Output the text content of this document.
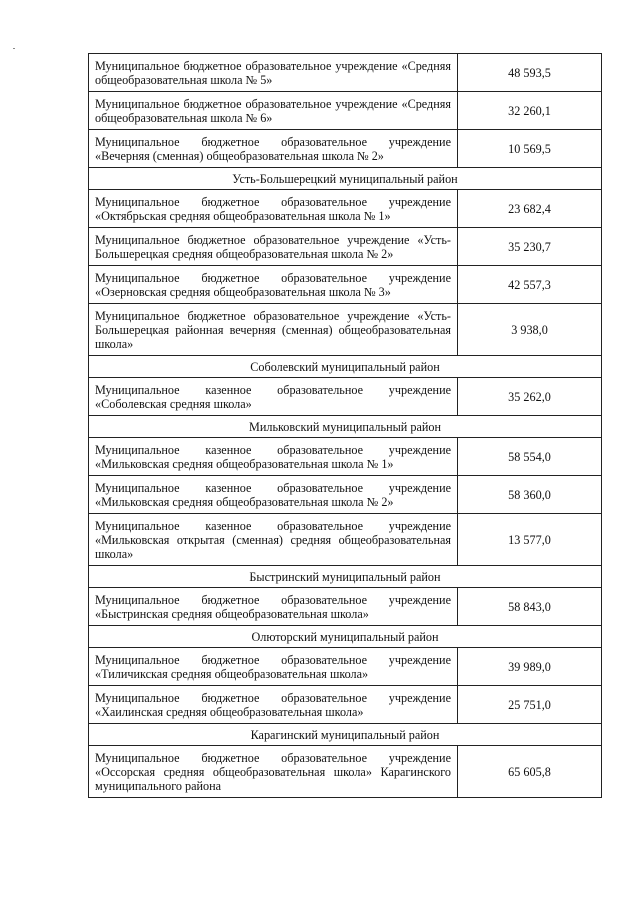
Муниципальное бюджетное образовательное учреждение «Средняя общеобразовательная школа № 5»	48 593,5
Муниципальное бюджетное образовательное учреждение «Средняя общеобразовательная школа № 6»	32 260,1
Муниципальное бюджетное образовательное учреждение «Вечерняя (сменная) общеобразовательная школа № 2»	10 569,5
Усть-Большерецкий муниципальный район	
Муниципальное бюджетное образовательное учреждение «Октябрьская средняя общеобразовательная школа № 1»	23 682,4
Муниципальное бюджетное образовательное учреждение «Усть-Большерецкая средняя общеобразовательная школа № 2»	35 230,7
Муниципальное бюджетное образовательное учреждение «Озерновская средняя общеобразовательная школа № 3»	42 557,3
Муниципальное бюджетное образовательное учреждение «Усть-Большерецкая районная вечерняя (сменная) общеобразовательная школа»	3 938,0
Соболевский муниципальный район	
Муниципальное казенное образовательное учреждение «Соболевская средняя школа»	35 262,0
Мильковский муниципальный район	
Муниципальное казенное образовательное учреждение «Мильковская средняя общеобразовательная школа № 1»	58 554,0
Муниципальное казенное образовательное учреждение «Мильковская средняя общеобразовательная школа № 2»	58 360,0
Муниципальное казенное образовательное учреждение «Мильковская открытая (сменная) средняя общеобразовательная школа»	13 577,0
Быстринский муниципальный район	
Муниципальное бюджетное образовательное учреждение «Быстринская средняя общеобразовательная школа»	58 843,0
Олюторский муниципальный район	
Муниципальное бюджетное образовательное учреждение «Тиличикская средняя общеобразовательная школа»	39 989,0
Муниципальное бюджетное образовательное учреждение «Хаилинская средняя общеобразовательная школа»	25 751,0
Карагинский муниципальный район	
Муниципальное бюджетное образовательное учреждение «Оссорская средняя общеобразовательная школа» Карагинского муниципального района	65 605,8
